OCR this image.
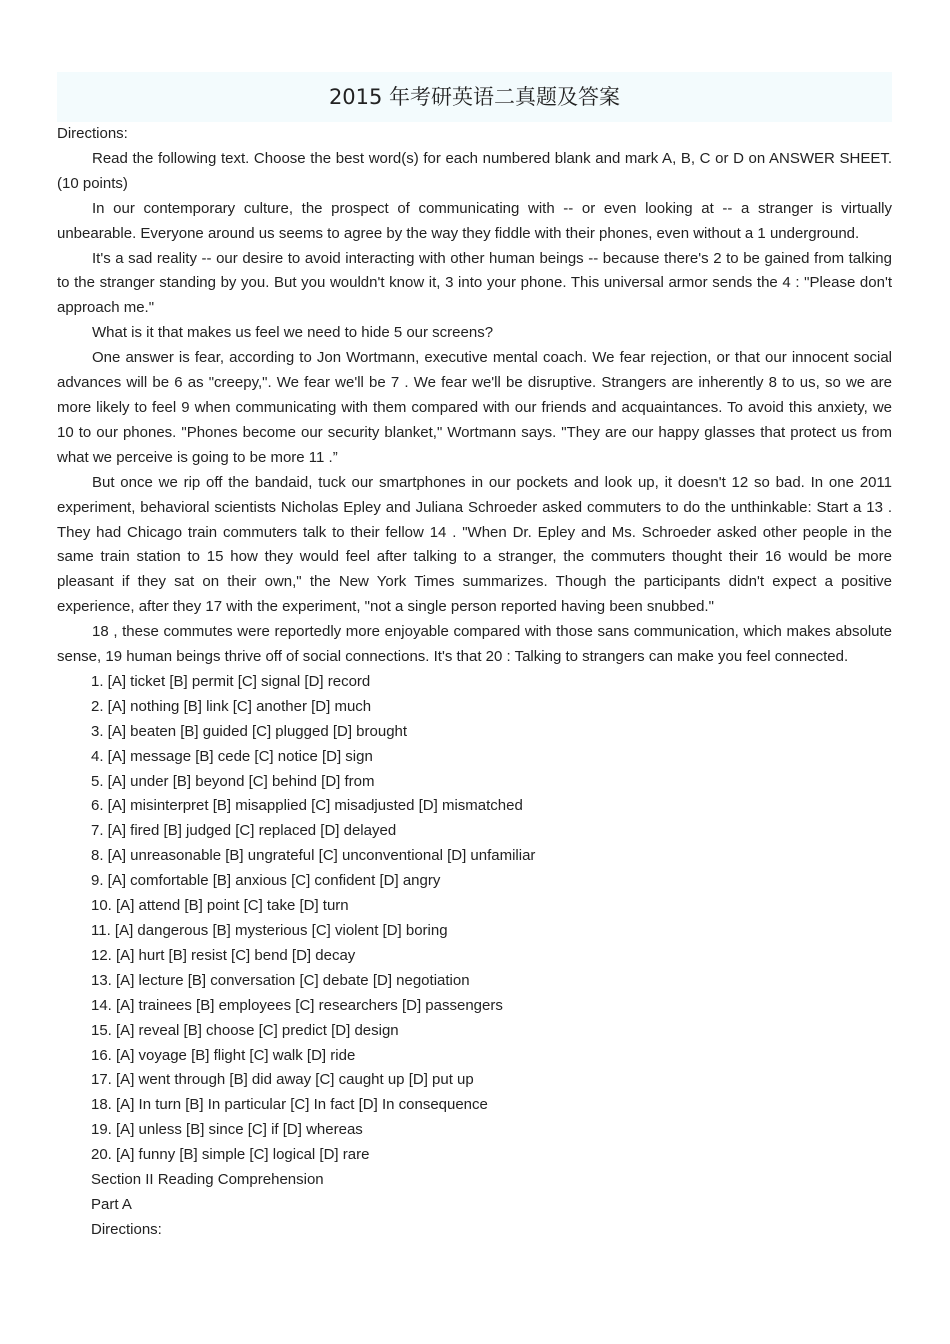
2015 年考研英语二真题及答案
Directions:

Read the following text. Choose the best word(s) for each numbered blank and mark A, B, C or D on ANSWER SHEET. (10 points)

In our contemporary culture, the prospect of communicating with -- or even looking at -- a stranger is virtually unbearable. Everyone around us seems to agree by the way they fiddle with their phones, even without a 1 underground.

It's a sad reality -- our desire to avoid interacting with other human beings -- because there's 2 to be gained from talking to the stranger standing by you. But you wouldn't know it, 3 into your phone. This universal armor sends the 4 : "Please don't approach me."

What is it that makes us feel we need to hide 5 our screens?

One answer is fear, according to Jon Wortmann, executive mental coach. We fear rejection, or that our innocent social advances will be 6 as "creepy,". We fear we'll be 7 . We fear we'll be disruptive. Strangers are inherently 8 to us, so we are more likely to feel 9 when communicating with them compared with our friends and acquaintances. To avoid this anxiety, we 10 to our phones. "Phones become our security blanket," Wortmann says. "They are our happy glasses that protect us from what we perceive is going to be more 11 .”

But once we rip off the bandaid, tuck our smartphones in our pockets and look up, it doesn't 12 so bad. In one 2011 experiment, behavioral scientists Nicholas Epley and Juliana Schroeder asked commuters to do the unthinkable: Start a 13 . They had Chicago train commuters talk to their fellow 14 . "When Dr. Epley and Ms. Schroeder asked other people in the same train station to 15 how they would feel after talking to a stranger, the commuters thought their 16 would be more pleasant if they sat on their own," the New York Times summarizes. Though the participants didn't expect a positive experience, after they 17 with the experiment, "not a single person reported having been snubbed."

18 , these commutes were reportedly more enjoyable compared with those sans communication, which makes absolute sense, 19 human beings thrive off of social connections. It's that 20 : Talking to strangers can make you feel connected.

1. [A] ticket [B] permit [C] signal [D] record
2. [A] nothing [B] link [C] another [D] much
3. [A] beaten [B] guided [C] plugged [D] brought
4. [A] message [B] cede [C] notice [D] sign
5. [A] under [B] beyond [C] behind [D] from
6. [A] misinterpret [B] misapplied [C] misadjusted [D] mismatched
7. [A] fired [B] judged [C] replaced [D] delayed
8. [A] unreasonable [B] ungrateful [C] unconventional [D] unfamiliar
9. [A] comfortable [B] anxious [C] confident [D] angry
10. [A] attend [B] point [C] take [D] turn
11. [A] dangerous [B] mysterious [C] violent [D] boring
12. [A] hurt [B] resist [C] bend [D] decay
13. [A] lecture [B] conversation [C] debate [D] negotiation
14. [A] trainees [B] employees [C] researchers [D] passengers
15. [A] reveal [B] choose [C] predict [D] design
16. [A] voyage [B] flight [C] walk [D] ride
17. [A] went through [B] did away [C] caught up [D] put up
18. [A] In turn [B] In particular [C] In fact [D] In consequence
19. [A] unless [B] since [C] if [D] whereas
20. [A] funny [B] simple [C] logical [D] rare
Section II Reading Comprehension
Part A
Directions:
